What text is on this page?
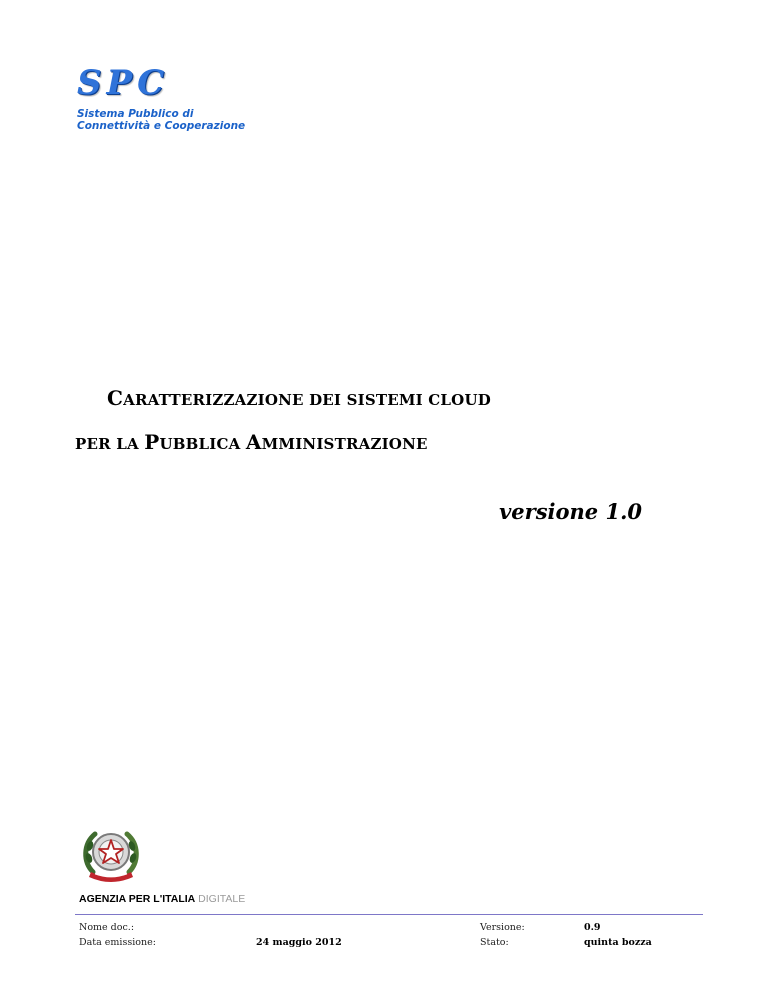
SPC
Sistema Pubblico di
Connettività e Cooperazione
CARATTERIZZAZIONE DEI SISTEMI CLOUD
PER LA PUBBLICA AMMINISTRAZIONE
versione 1.0
AGENZIA PER L'ITALIA DIGITALE
Nome doc.:
Data emissione:	24 maggio 2012
Versione:
Stato:
0.9
quinta bozza
